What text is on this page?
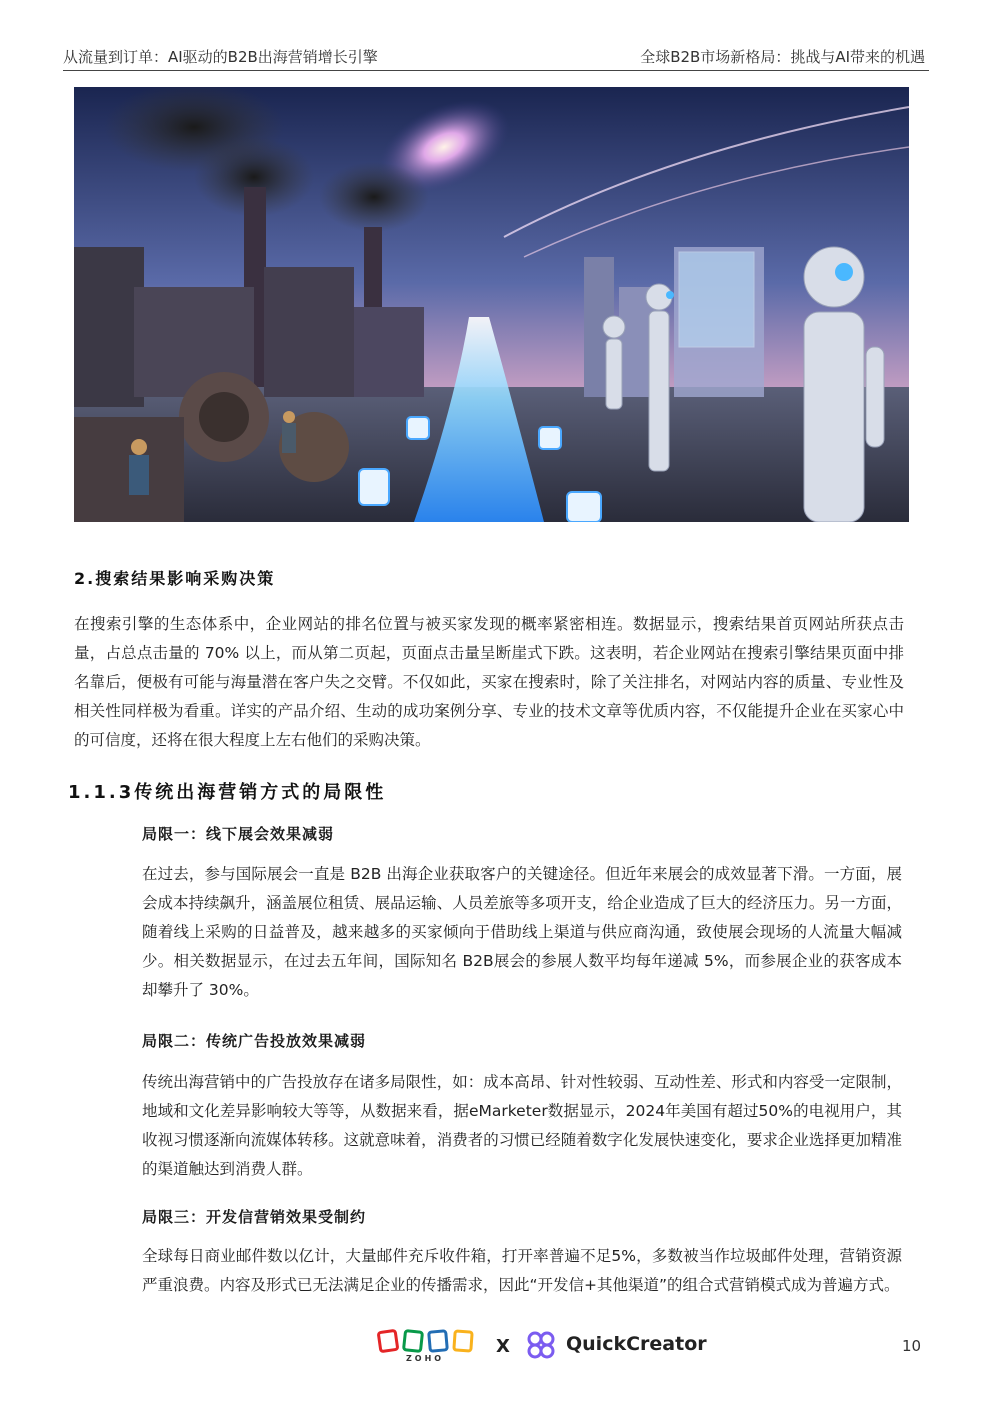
从流量到订单：AI驱动的B2B出海营销增长引擎	全球B2B市场新格局：挑战与AI带来的机遇
2.搜索结果影响采购决策

在搜索引擎的生态体系中，企业网站的排名位置与被买家发现的概率紧密相连。数据显示，搜索结果首页网站所获点击量，占总点击量的 70% 以上，而从第二页起，页面点击量呈断崖式下跌。这表明，若企业网站在搜索引擎结果页面中排名靠后，便极有可能与海量潜在客户失之交臂。不仅如此，买家在搜索时，除了关注排名，对网站内容的质量、专业性及相关性同样极为看重。详实的产品介绍、生动的成功案例分享、专业的技术文章等优质内容，不仅能提升企业在买家心中的可信度，还将在很大程度上左右他们的采购决策。

1.1.3传统出海营销方式的局限性
局限一：线下展会效果减弱

在过去，参与国际展会一直是 B2B 出海企业获取客户的关键途径。但近年来展会的成效显著下滑。一方面，展会成本持续飙升，涵盖展位租赁、展品运输、人员差旅等多项开支，给企业造成了巨大的经济压力。另一方面，随着线上采购的日益普及，越来越多的买家倾向于借助线上渠道与供应商沟通，致使展会现场的人流量大幅减少。相关数据显示，在过去五年间，国际知名 B2B展会的参展人数平均每年递减 5%，而参展企业的获客成本却攀升了 30%。

局限二：传统广告投放效果减弱

传统出海营销中的广告投放存在诸多局限性，如：成本高昂、针对性较弱、互动性差、形式和内容受一定限制，地域和文化差异影响较大等等，从数据来看，据eMarketer数据显示，2024年美国有超过50%的电视用户，其收视习惯逐渐向流媒体转移。这就意味着，消费者的习惯已经随着数字化发展快速变化，要求企业选择更加精准的渠道触达到消费人群。

局限三：开发信营销效果受制约

全球每日商业邮件数以亿计，大量邮件充斥收件箱，打开率普遍不足5%，多数被当作垃圾邮件处理，营销资源严重浪费。内容及形式已无法满足企业的传播需求，因此“开发信+其他渠道”的组合式营销模式成为普遍方式。

ZOHO
X	QuickCreator	10
